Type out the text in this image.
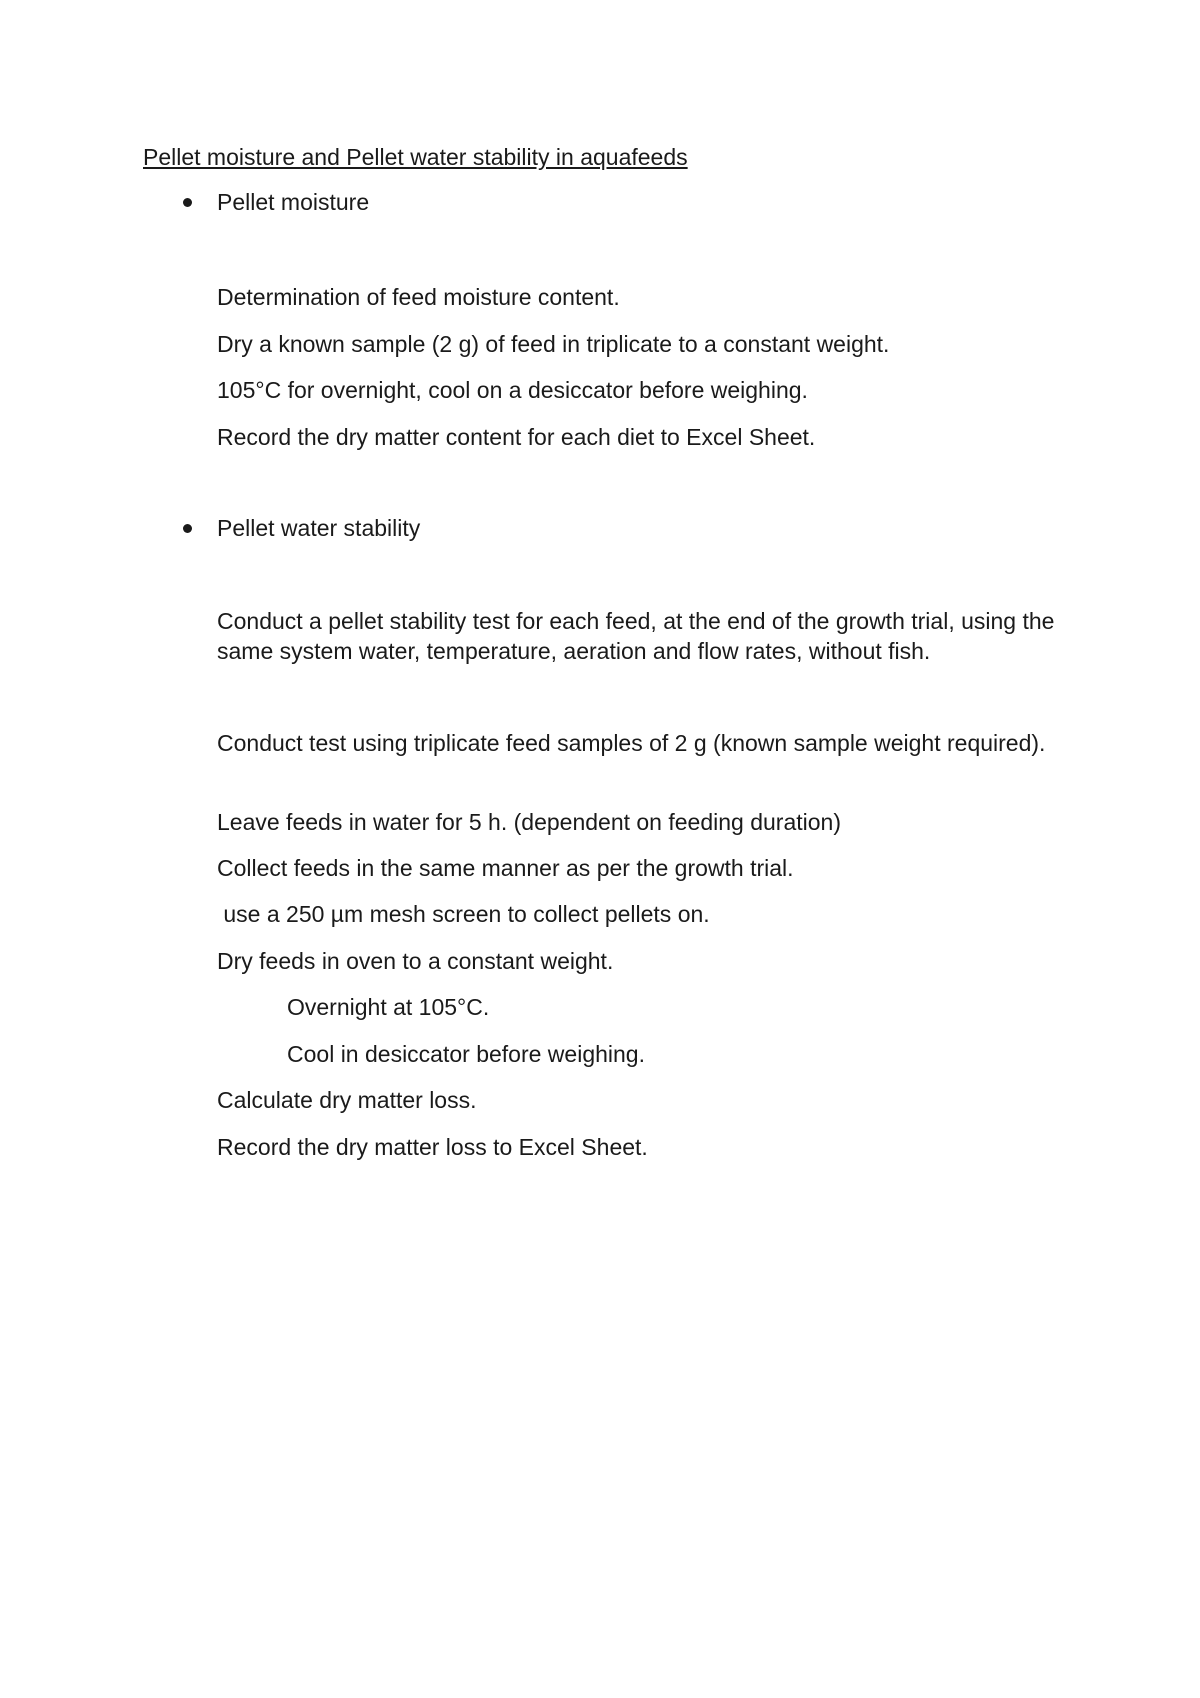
Pellet moisture and Pellet water stability in aquafeeds
Pellet moisture
Determination of feed moisture content.
Dry a known sample (2 g) of feed in triplicate to a constant weight.
105°C for overnight, cool on a desiccator before weighing.
Record the dry matter content for each diet to Excel Sheet.
Pellet water stability
Conduct a pellet stability test for each feed, at the end of the growth trial, using the same system water, temperature, aeration and flow rates, without fish.
Conduct test using triplicate feed samples of 2 g (known sample weight required).
Leave feeds in water for 5 h. (dependent on feeding duration)
Collect feeds in the same manner as per the growth trial.
use a 250 µm mesh screen to collect pellets on.
Dry feeds in oven to a constant weight.
Overnight at 105°C.
Cool in desiccator before weighing.
Calculate dry matter loss.
Record the dry matter loss to Excel Sheet.
